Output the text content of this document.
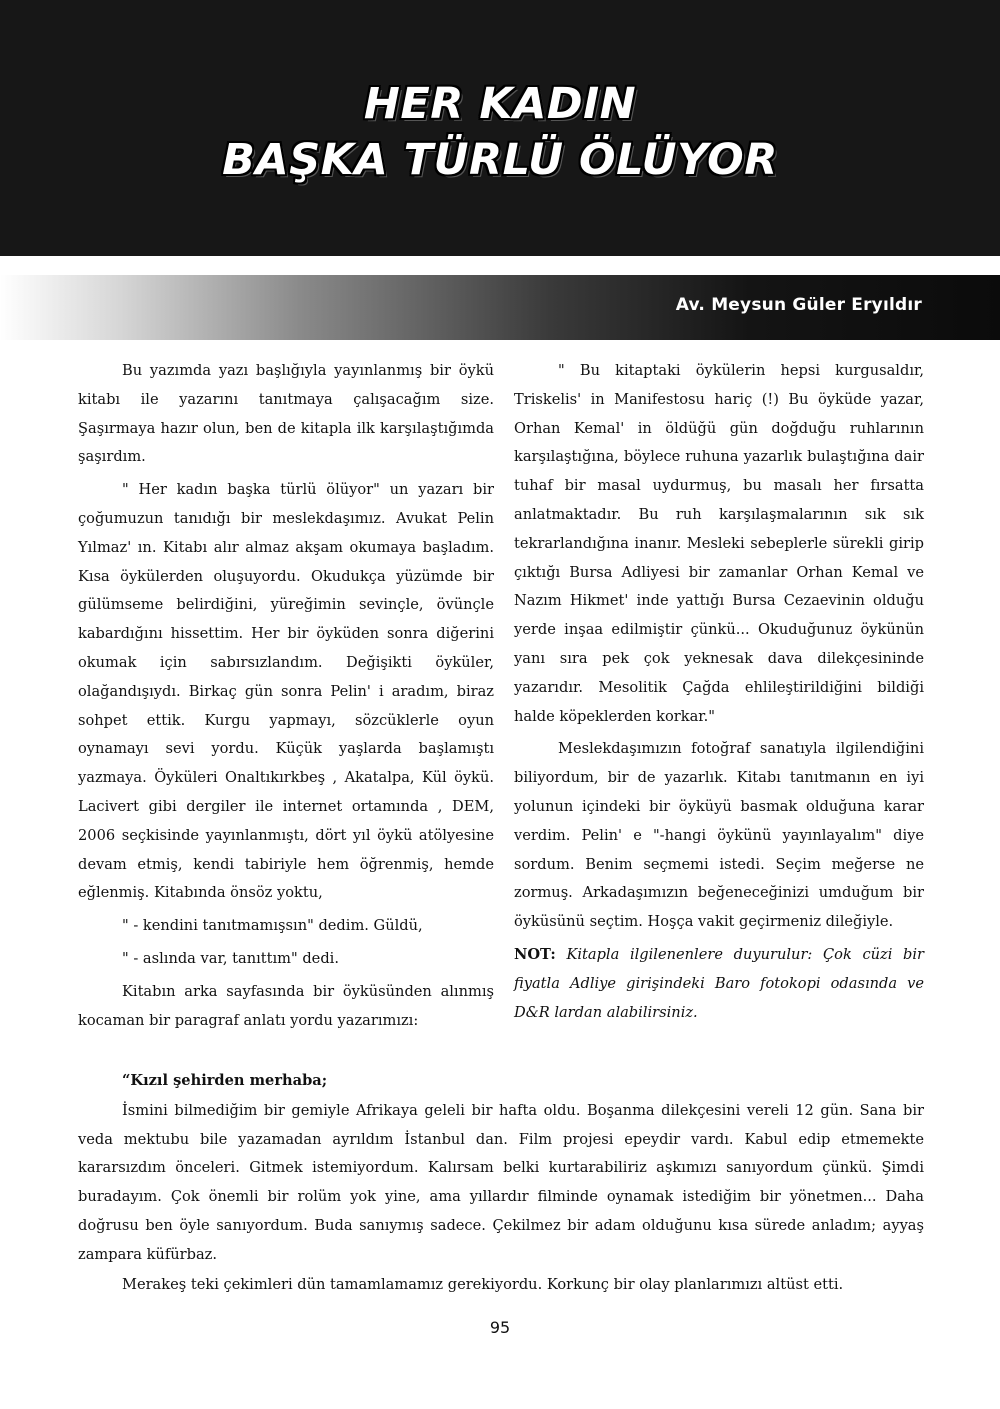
HER KADIN
BAŞKA TÜRLÜ ÖLÜYOR
Av. Meysun Güler Eryıldır

Bu yazımda yazı başlığıyla yayınlanmış bir öykü kitabı ile yazarını tanıtmaya çalışacağım size. Şaşırmaya hazır olun, ben de kitapla ilk karşılaştığımda şaşırdım.

" Her kadın başka türlü ölüyor" un yazarı bir çoğumuzun tanıdığı bir meslekdaşımız. Avukat Pelin Yılmaz' ın. Kitabı alır almaz akşam okumaya başladım. Kısa öykülerden oluşuyordu. Okudukça yüzümde bir gülümseme belirdiğini, yüreğimin sevinçle, övünçle kabardığını hissettim. Her bir öyküden sonra diğerini okumak için sabırsızlandım. Değişikti öyküler, olağandışıydı. Birkaç gün sonra Pelin' i aradım, biraz sohpet ettik. Kurgu yapmayı, sözcüklerle oyun oynamayı sevi yordu. Küçük yaşlarda başlamıştı yazmaya. Öyküleri Onaltıkırkbeş , Akatalpa, Kül öykü. Lacivert gibi dergiler ile internet ortamında , DEM, 2006 seçkisinde yayınlanmıştı, dört yıl öykü atölyesine devam etmiş, kendi tabiriyle hem öğrenmiş, hemde eğlenmiş. Kitabında önsöz yoktu,

" - kendini tanıtmamışsın" dedim. Güldü,

" - aslında var, tanıttım" dedi.

Kitabın arka sayfasında bir öyküsünden alınmış kocaman bir paragraf anlatı yordu yazarımızı:

" Bu kitaptaki öykülerin hepsi kurgusaldır, Triskelis' in Manifestosu hariç (!) Bu öyküde yazar, Orhan Kemal' in öldüğü gün doğduğu ruhlarının karşılaştığına, böylece ruhuna yazarlık bulaştığına dair tuhaf bir masal uydurmuş, bu masalı her fırsatta anlatmaktadır. Bu ruh karşılaşmalarının sık sık tekrarlandığına inanır. Mesleki sebeplerle sürekli girip çıktığı Bursa Adliyesi bir zamanlar Orhan Kemal ve Nazım Hikmet' inde yattığı Bursa Cezaevinin olduğu yerde inşaa edilmiştir çünkü... Okuduğunuz öykünün yanı sıra pek çok yeknesak dava dilekçesininde yazarıdır. Mesolitik Çağda ehlileştirildiğini bildiği halde köpeklerden korkar."

Meslekdaşımızın fotoğraf sanatıyla ilgilendiğini biliyordum, bir de yazarlık. Kitabı tanıtmanın en iyi yolunun içindeki bir öyküyü basmak olduğuna karar verdim. Pelin' e "-hangi öykünü yayınlayalım" diye sordum. Benim seçmemi istedi. Seçim meğerse ne zormuş. Arkadaşımızın beğeneceğinizi umduğum bir öyküsünü seçtim. Hoşça vakit geçirmeniz dileğiyle.

NOT: Kitapla ilgilenenlere duyurulur: Çok cüzi bir fiyatla Adliye girişindeki Baro fotokopi odasında ve D&R lardan alabilirsiniz.

“Kızıl şehirden merhaba;

İsmini bilmediğim bir gemiyle Afrikaya geleli bir hafta oldu. Boşanma dilekçesini vereli 12 gün. Sana bir veda mektubu bile yazamadan ayrıldım İstanbul dan. Film projesi epeydir vardı. Kabul edip etmemekte kararsızdım önceleri. Gitmek istemiyordum. Kalırsam belki kurtarabiliriz aşkımızı sanıyordum çünkü. Şimdi buradayım. Çok önemli bir rolüm yok yine, ama yıllardır filminde oynamak istediğim bir yönetmen... Daha doğrusu ben öyle sanıyordum. Buda sanıymış sadece. Çekilmez bir adam olduğunu kısa sürede anladım; ayyaş zampara küfürbaz.

Merakeş teki çekimleri dün tamamlamamız gerekiyordu. Korkunç bir olay planlarımızı altüst etti.

95
